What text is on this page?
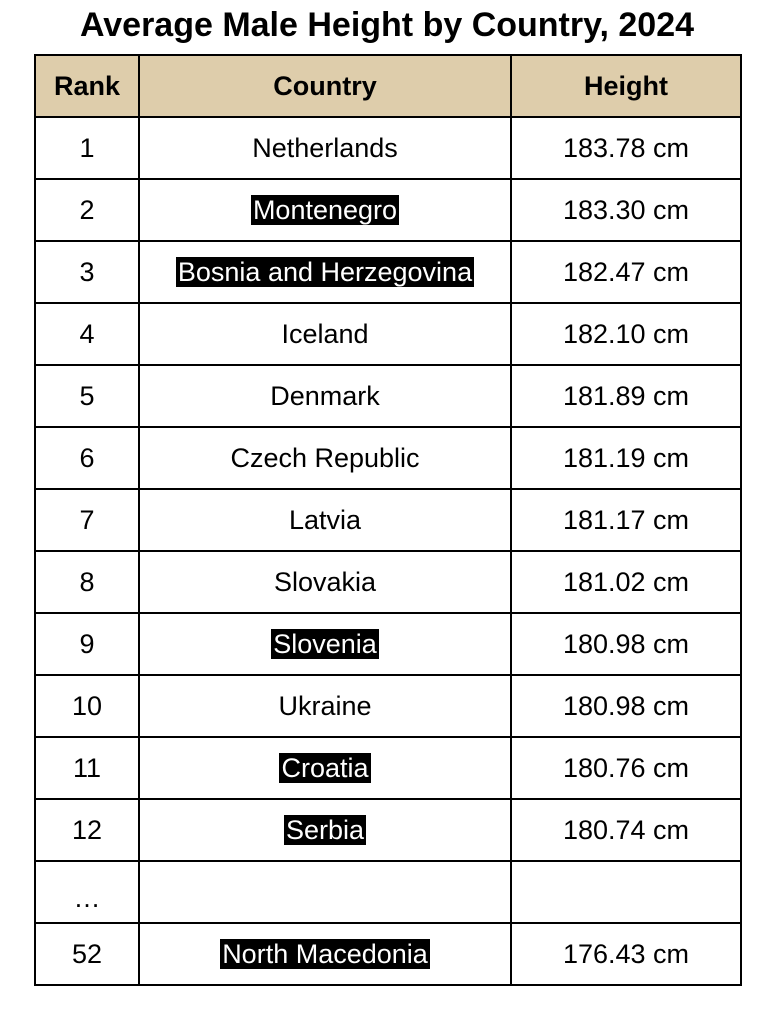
Average Male Height by Country, 2024
Rank	Country	Height
1	Netherlands	183.78 cm
2	Montenegro	183.30 cm
3	Bosnia and Herzegovina	182.47 cm
4	Iceland	182.10 cm
5	Denmark	181.89 cm
6	Czech Republic	181.19 cm
7	Latvia	181.17 cm
8	Slovakia	181.02 cm
9	Slovenia	180.98 cm
10	Ukraine	180.98 cm
11	Croatia	180.76 cm
12	Serbia	180.74 cm
…		
52	North Macedonia	176.43 cm
